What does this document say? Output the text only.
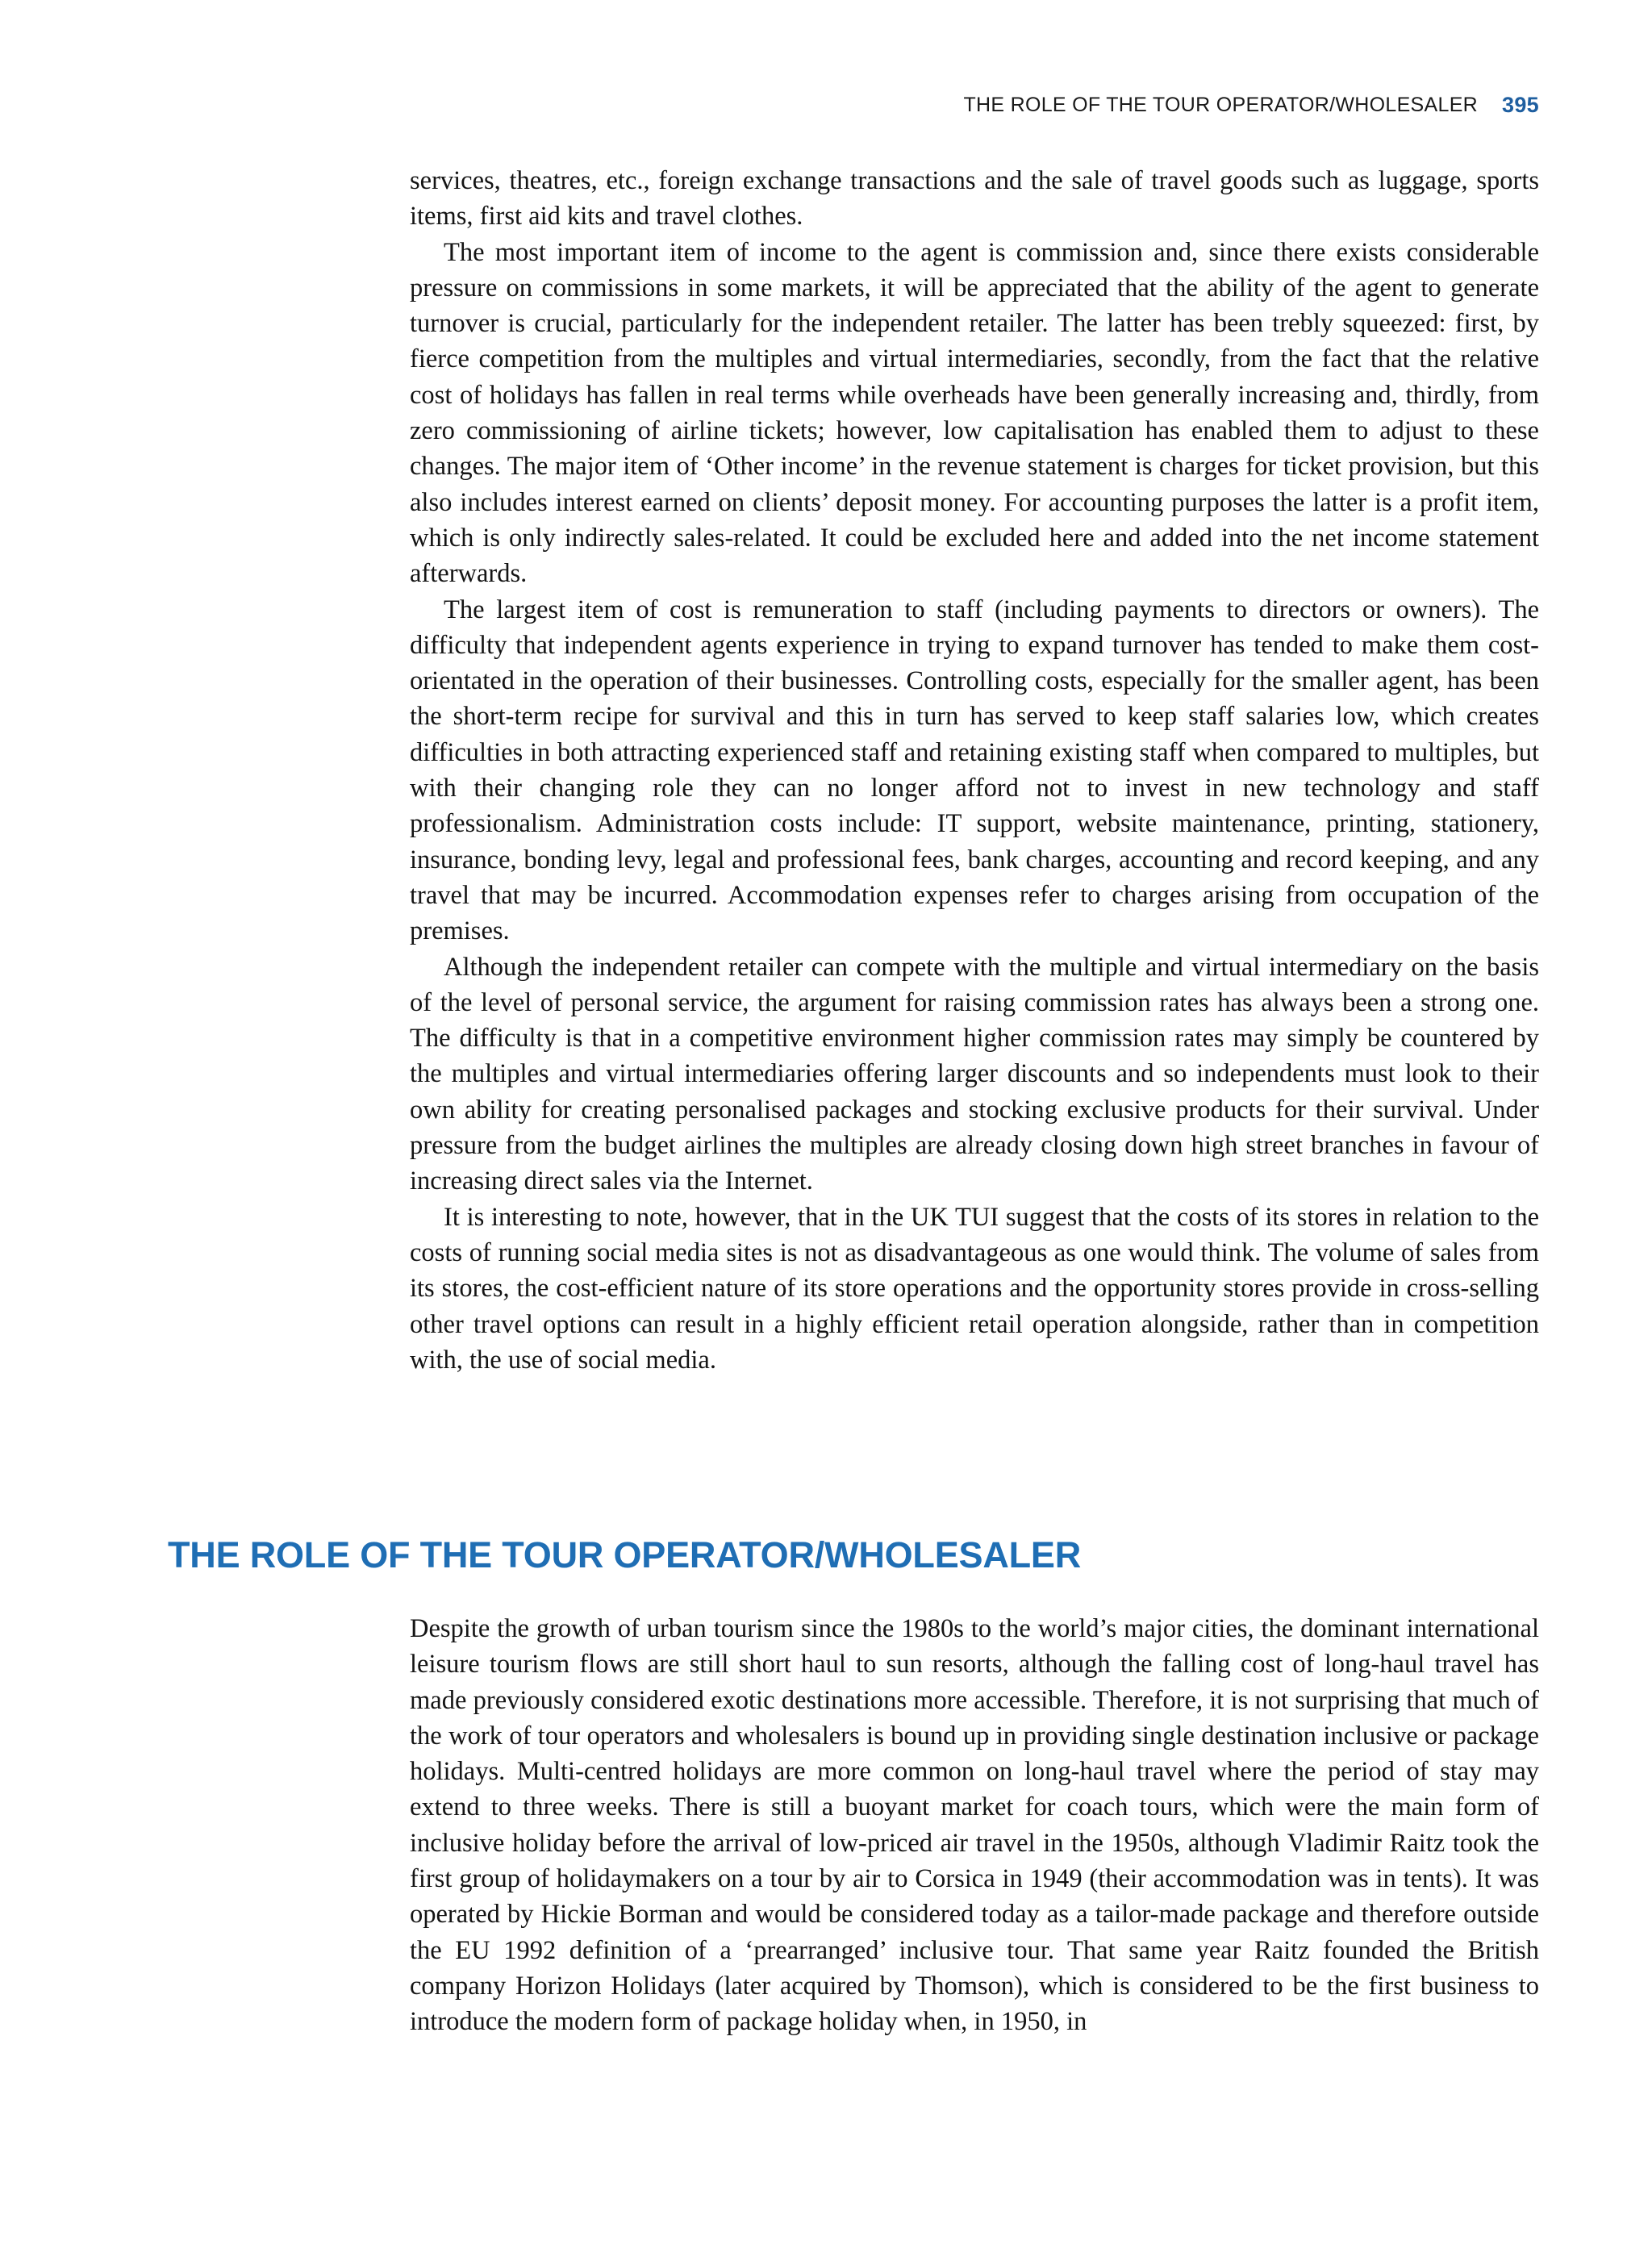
THE ROLE OF THE TOUR OPERATOR/WHOLESALER 395

services, theatres, etc., foreign exchange transactions and the sale of travel goods such as luggage, sports items, first aid kits and travel clothes.

The most important item of income to the agent is commission and, since there exists considerable pressure on commissions in some markets, it will be appreciated that the ability of the agent to generate turnover is crucial, particularly for the independent retailer. The latter has been trebly squeezed: first, by fierce competition from the multiples and virtual intermediaries, secondly, from the fact that the relative cost of holidays has fallen in real terms while overheads have been generally increasing and, thirdly, from zero commissioning of airline tickets; however, low capitalisation has enabled them to adjust to these changes. The major item of ‘Other income’ in the revenue statement is charges for ticket provision, but this also includes interest earned on clients’ deposit money. For accounting purposes the latter is a profit item, which is only indirectly sales-related. It could be excluded here and added into the net income statement afterwards.

The largest item of cost is remuneration to staff (including payments to directors or owners). The difficulty that independent agents experience in trying to expand turnover has tended to make them cost-orientated in the operation of their businesses. Controlling costs, especially for the smaller agent, has been the short-term recipe for survival and this in turn has served to keep staff salaries low, which creates difficulties in both attracting experienced staff and retaining existing staff when compared to multiples, but with their changing role they can no longer afford not to invest in new technology and staff professionalism. Administration costs include: IT support, website maintenance, printing, stationery, insurance, bonding levy, legal and professional fees, bank charges, accounting and record keeping, and any travel that may be incurred. Accommodation expenses refer to charges arising from occupation of the premises.

Although the independent retailer can compete with the multiple and virtual intermediary on the basis of the level of personal service, the argument for raising commission rates has always been a strong one. The difficulty is that in a competitive environment higher commission rates may simply be countered by the multiples and virtual intermediaries offering larger discounts and so independents must look to their own ability for creating personalised packages and stocking exclusive products for their survival. Under pressure from the budget airlines the multiples are already closing down high street branches in favour of increasing direct sales via the Internet.

It is interesting to note, however, that in the UK TUI suggest that the costs of its stores in relation to the costs of running social media sites is not as disadvantageous as one would think. The volume of sales from its stores, the cost-efficient nature of its store operations and the opportunity stores provide in cross-selling other travel options can result in a highly efficient retail operation alongside, rather than in competition with, the use of social media.

THE ROLE OF THE TOUR OPERATOR/WHOLESALER

Despite the growth of urban tourism since the 1980s to the world’s major cities, the dominant international leisure tourism flows are still short haul to sun resorts, although the falling cost of long-haul travel has made previously considered exotic destinations more accessible. Therefore, it is not surprising that much of the work of tour operators and wholesalers is bound up in providing single destination inclusive or package holidays. Multi-centred holidays are more common on long-haul travel where the period of stay may extend to three weeks. There is still a buoyant market for coach tours, which were the main form of inclusive holiday before the arrival of low-priced air travel in the 1950s, although Vladimir Raitz took the first group of holidaymakers on a tour by air to Corsica in 1949 (their accommodation was in tents). It was operated by Hickie Borman and would be considered today as a tailor-made package and therefore outside the EU 1992 definition of a ‘prearranged’ inclusive tour. That same year Raitz founded the British company Horizon Holidays (later acquired by Thomson), which is considered to be the first business to introduce the modern form of package holiday when, in 1950, in
